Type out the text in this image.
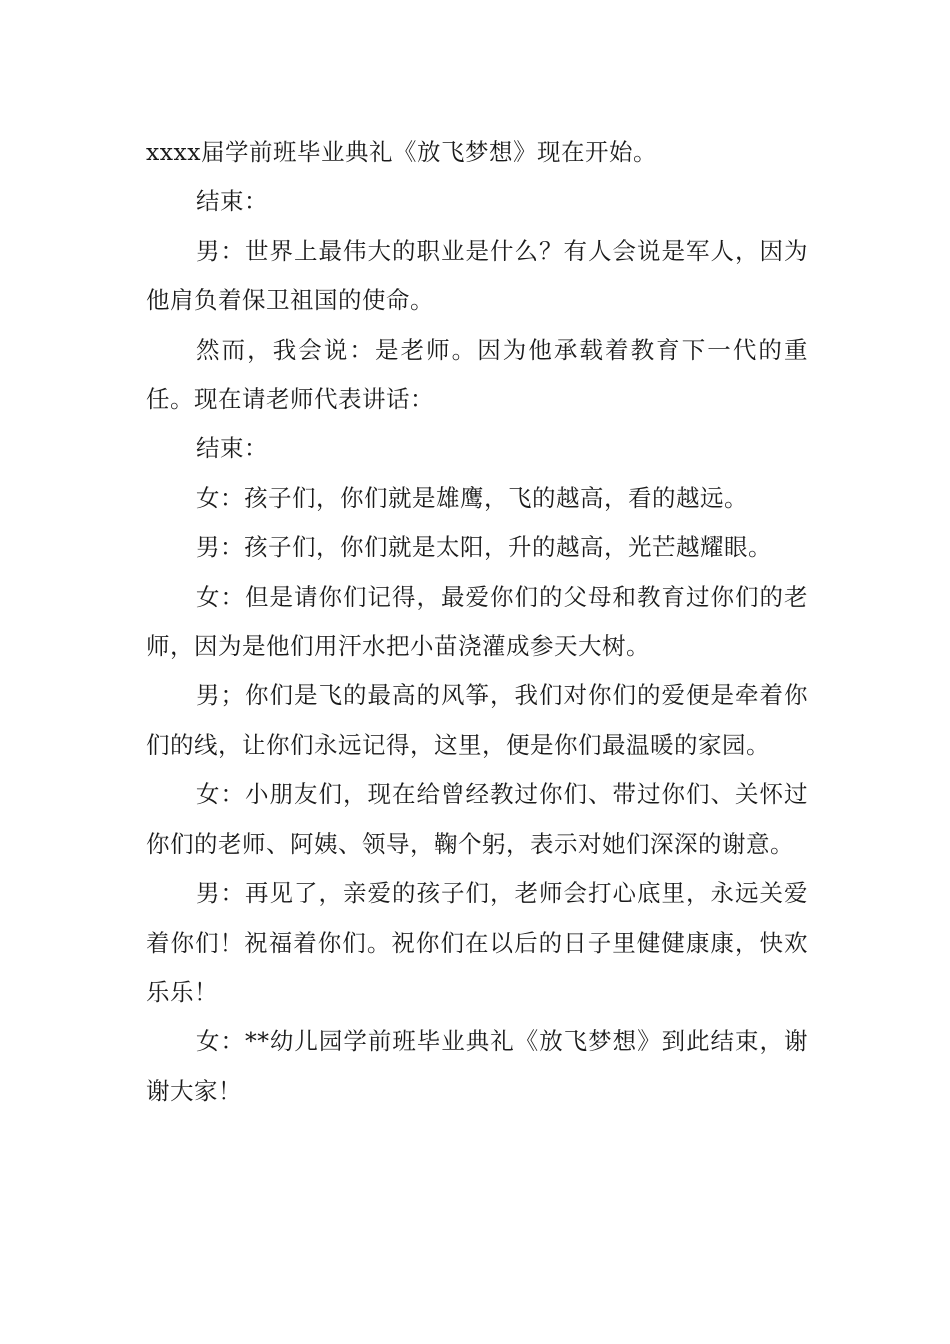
xxxx届学前班毕业典礼《放飞梦想》现在开始。

结束：

男：世界上最伟大的职业是什么？有人会说是军人，因为他肩负着保卫祖国的使命。

然而，我会说：是老师。因为他承载着教育下一代的重任。现在请老师代表讲话：

结束：

女：孩子们，你们就是雄鹰，飞的越高，看的越远。

男：孩子们，你们就是太阳，升的越高，光芒越耀眼。

女：但是请你们记得，最爱你们的父母和教育过你们的老师，因为是他们用汗水把小苗浇灌成参天大树。

男；你们是飞的最高的风筝，我们对你们的爱便是牵着你们的线，让你们永远记得，这里，便是你们最温暖的家园。

女：小朋友们，现在给曾经教过你们、带过你们、关怀过你们的老师、阿姨、领导，鞠个躬，表示对她们深深的谢意。

男：再见了，亲爱的孩子们，老师会打心底里，永远关爱着你们！祝福着你们。祝你们在以后的日子里健健康康，快欢乐乐！

女：**幼儿园学前班毕业典礼《放飞梦想》到此结束，谢谢大家！
